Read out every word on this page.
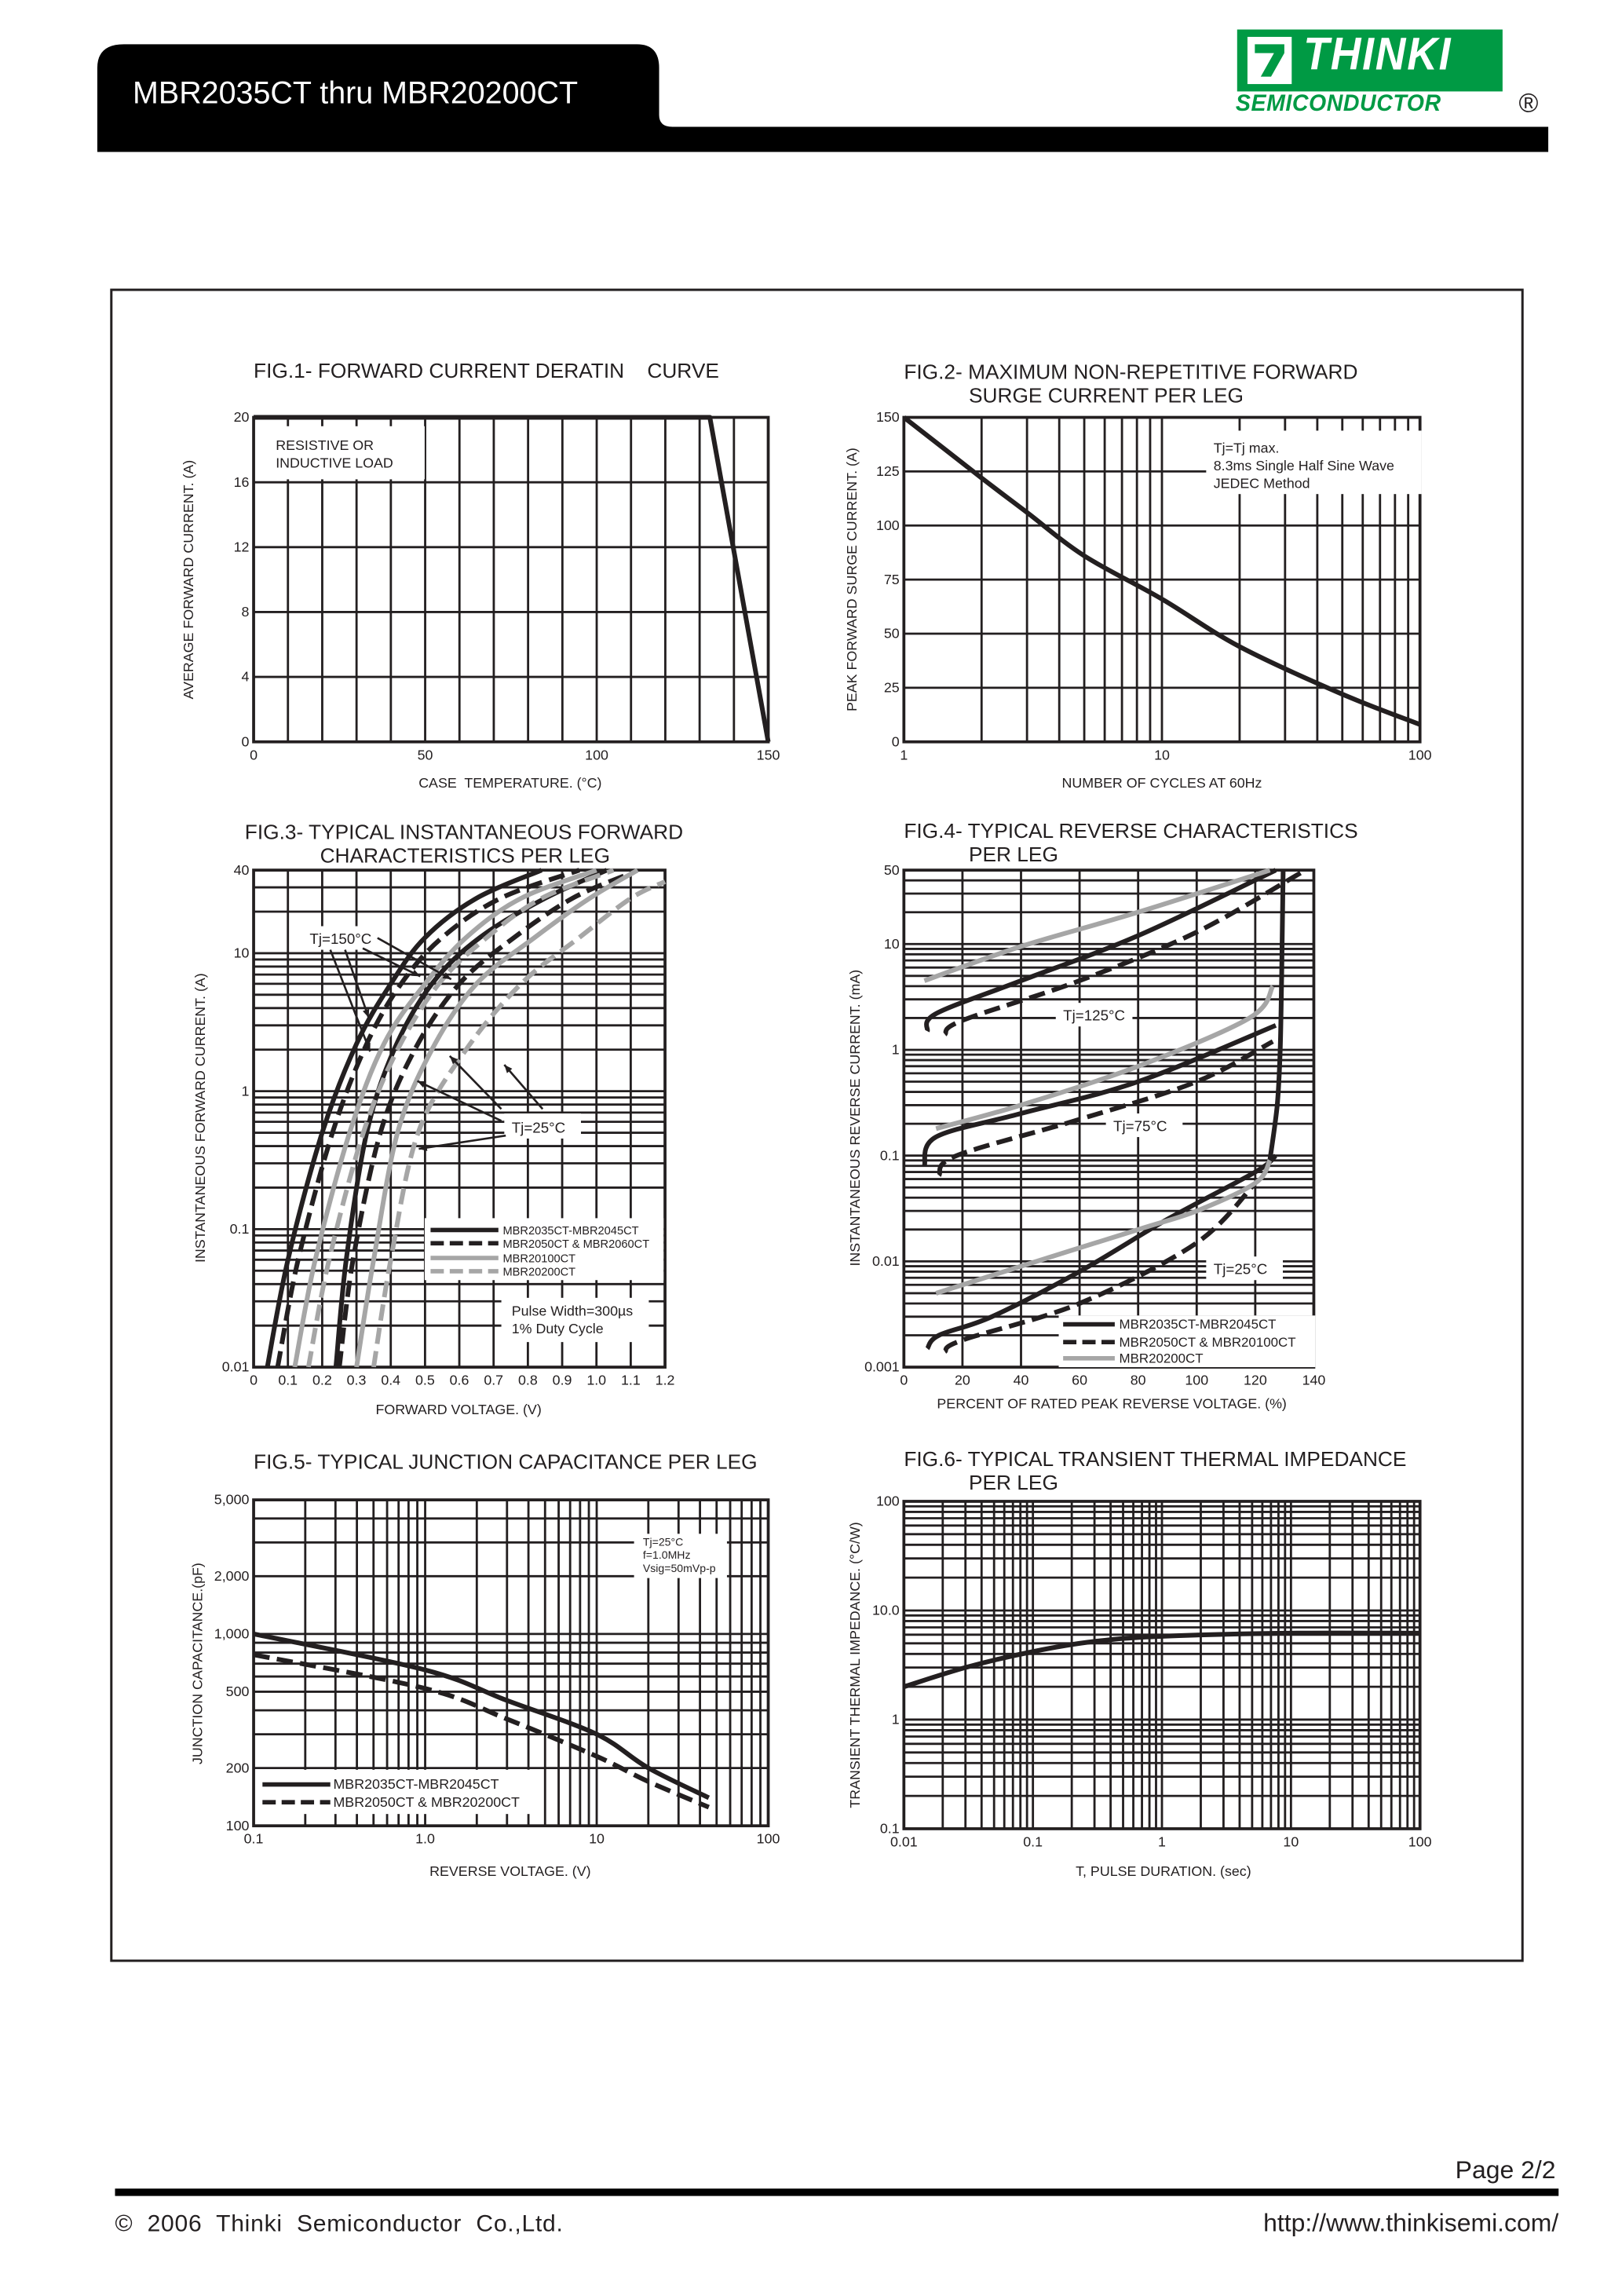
MBR2035CT thru MBR20200CT
THINKI
SEMICONDUCTOR	®
FIG.1- FORWARD CURRENT DERATIN    CURVE
0	50	100	150
0
4
8
12
16
20
CASE  TEMPERATURE. (°C)
AVERAGE FORWARD CURRENT. (A)
RESISTIVE OR
INDUCTIVE LOAD
FIG.2- MAXIMUM NON-REPETITIVE FORWARD
SURGE CURRENT PER LEG
1	10	100
0
25
50
75
100
125
150
NUMBER OF CYCLES AT 60Hz
PEAK FORWARD SURGE CURRENT. (A)	Tj=Tj max.
8.3ms Single Half Sine Wave
JEDEC Method
FIG.3- TYPICAL INSTANTANEOUS FORWARD
CHARACTERISTICS PER LEG
0	0.1 0.2 0.3 0.4 0.5 0.6 0.7 0.8 0.9 1.0 1.1 1.2
0.01
0.1
1
10
40
FORWARD VOLTAGE. (V)
INSTANTANEOUS FORWARD CURRENT. (A)
Tj=150°C
Tj=25°C
Pulse Width=300µs
1% Duty Cycle
MBR2035CT-MBR2045CT
MBR2050CT & MBR2060CT
MBR20100CT
MBR20200CT
FIG.4- TYPICAL REVERSE CHARACTERISTICS
PER LEG
0	20	40	60	80	100	120	140
0.001
0.01
0.1
1
10
50
PERCENT OF RATED PEAK REVERSE VOLTAGE. (%)
INSTANTANEOUS REVERSE CURRENT. (mA)	Tj=125°C
Tj=75°C
Tj=25°C
MBR2035CT-MBR2045CT
MBR2050CT & MBR20100CT
MBR20200CT
FIG.5- TYPICAL JUNCTION CAPACITANCE PER LEG
0.1	1.0	10	100
100
200
500
1,000
2,000
5,000
REVERSE VOLTAGE. (V)
JUNCTION CAPACITANCE.(pF)
Tj=25°C
f=1.0MHz
Vsig=50mVp-p
MBR2035CT-MBR2045CT
MBR2050CT & MBR20200CT
FIG.6- TYPICAL TRANSIENT THERMAL IMPEDANCE
PER LEG
0.01	0.1	1	10	100
0.1
1
10.0
100
T, PULSE DURATION. (sec)
TRANSIENT THERMAL IMPEDANCE. (°C/W)
Page 2/2
©  2006  Thinki  Semiconductor  Co.,Ltd.	http://www.thinkisemi.com/
